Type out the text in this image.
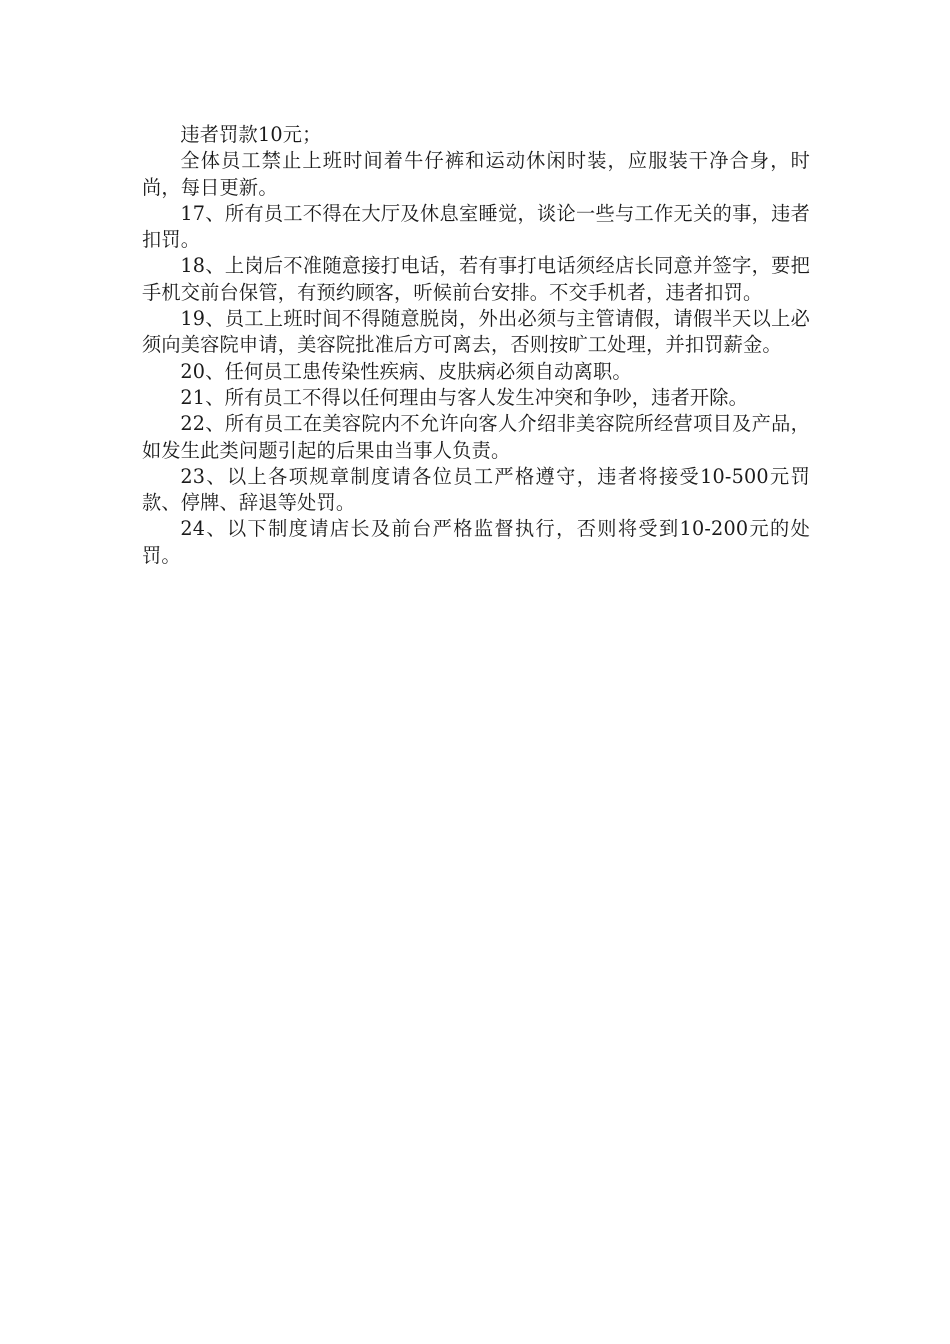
违者罚款10元；

全体员工禁止上班时间着牛仔裤和运动休闲时装，应服装干净合身，时尚，每日更新。

17、所有员工不得在大厅及休息室睡觉，谈论一些与工作无关的事，违者扣罚。

18、上岗后不准随意接打电话，若有事打电话须经店长同意并签字，要把手机交前台保管，有预约顾客，听候前台安排。不交手机者，违者扣罚。

19、员工上班时间不得随意脱岗，外出必须与主管请假，请假半天以上必须向美容院申请，美容院批准后方可离去，否则按旷工处理，并扣罚薪金。

20、任何员工患传染性疾病、皮肤病必须自动离职。

21、所有员工不得以任何理由与客人发生冲突和争吵，违者开除。

22、所有员工在美容院内不允许向客人介绍非美容院所经营项目及产品，如发生此类问题引起的后果由当事人负责。

23、以上各项规章制度请各位员工严格遵守，违者将接受10-500元罚款、停牌、辞退等处罚。

24、以下制度请店长及前台严格监督执行，否则将受到10-200元的处罚。
